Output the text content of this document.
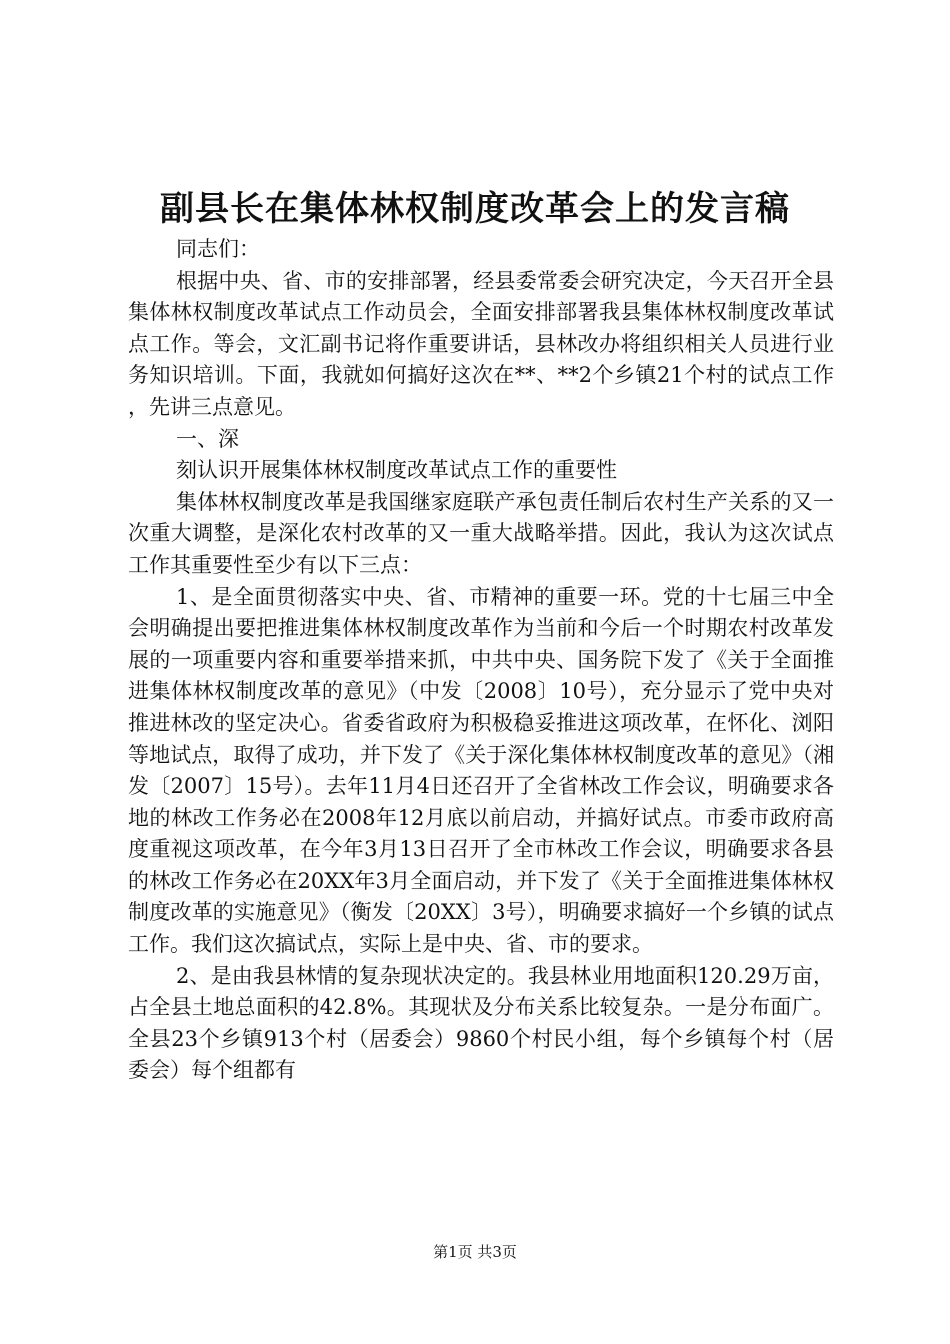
副县长在集体林权制度改革会上的发言稿

同志们：

根据中央、省、市的安排部署，经县委常委会研究决定，今天召开全县集体林权制度改革试点工作动员会，全面安排部署我县集体林权制度改革试点工作。等会，文汇副书记将作重要讲话，县林改办将组织相关人员进行业务知识培训。下面，我就如何搞好这次在**、**2个乡镇21个村的试点工作，先讲三点意见。

一、深

刻认识开展集体林权制度改革试点工作的重要性

集体林权制度改革是我国继家庭联产承包责任制后农村生产关系的又一次重大调整，是深化农村改革的又一重大战略举措。因此，我认为这次试点工作其重要性至少有以下三点：

1、是全面贯彻落实中央、省、市精神的重要一环。党的十七届三中全会明确提出要把推进集体林权制度改革作为当前和今后一个时期农村改革发展的一项重要内容和重要举措来抓，中共中央、国务院下发了《关于全面推进集体林权制度改革的意见》（中发〔2008〕10号），充分显示了党中央对推进林改的坚定决心。省委省政府为积极稳妥推进这项改革，在怀化、浏阳等地试点，取得了成功，并下发了《关于深化集体林权制度改革的意见》（湘发〔2007〕15号）。去年11月4日还召开了全省林改工作会议，明确要求各地的林改工作务必在2008年12月底以前启动，并搞好试点。市委市政府高度重视这项改革，在今年3月13日召开了全市林改工作会议，明确要求各县的林改工作务必在20XX年3月全面启动，并下发了《关于全面推进集体林权制度改革的实施意见》（衡发〔20XX〕3号），明确要求搞好一个乡镇的试点工作。我们这次搞试点，实际上是中央、省、市的要求。

2、是由我县林情的复杂现状决定的。我县林业用地面积120.29万亩，占全县土地总面积的42.8%。其现状及分布关系比较复杂。一是分布面广。全县23个乡镇913个村（居委会）9860个村民小组，每个乡镇每个村（居委会）每个组都有

第1页 共3页
